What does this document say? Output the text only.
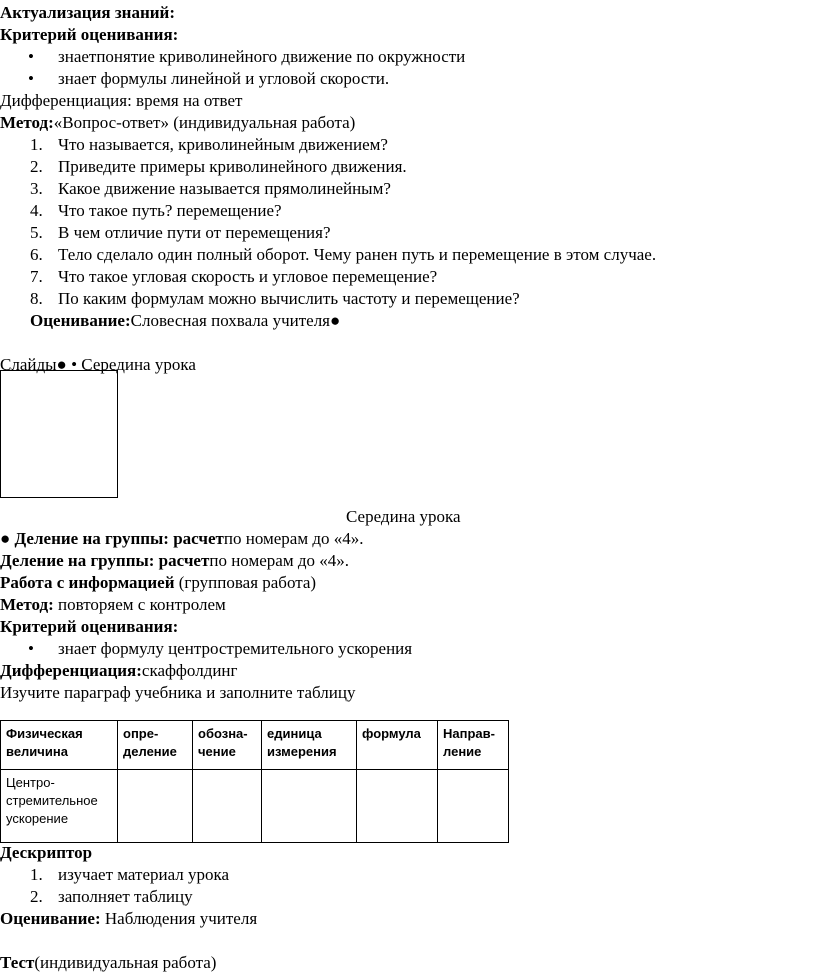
Актуализация знаний:
Критерий оценивания:
• знаетпонятие криволинейного движение по окружности
• знает формулы линейной и угловой скорости.
Дифференциация: время на ответ
Метод:«Вопрос-ответ» (индивидуальная работа)
1. Что называется, криволинейным движением?
2. Приведите примеры криволинейного движения.
3. Какое движение называется прямолинейным?
4. Что такое путь? перемещение?
5. В чем отличие пути от перемещения?
6. Тело сделало один полный оборот. Чему ранен путь и перемещение в этом случае.
7. Что такое угловая скорость и угловое перемещение?
8. По каким формулам можно вычислить частоту и перемещение?
Оценивание:Словесная похвала учителя●
Слайды● • Середина урока
Середина урока
● Деление на группы: расчетпо номерам до «4».
Деление на группы: расчетпо номерам до «4».
Работа с информацией (групповая работа)
Метод: повторяем с контролем
Критерий оценивания:
• знает формулу центростремительного ускорения
Дифференциация:скаффолдинг
Изучите параграф учебника и заполните таблицу
Физическая величина	опре-деление	обозна-чение	единица измерения	формула	Направ-ление
Центро-стремительное ускорение					
Дескриптор
1. изучает материал урока
2. заполняет таблицу
Оценивание: Наблюдения учителя
Тест(индивидуальная работа)
